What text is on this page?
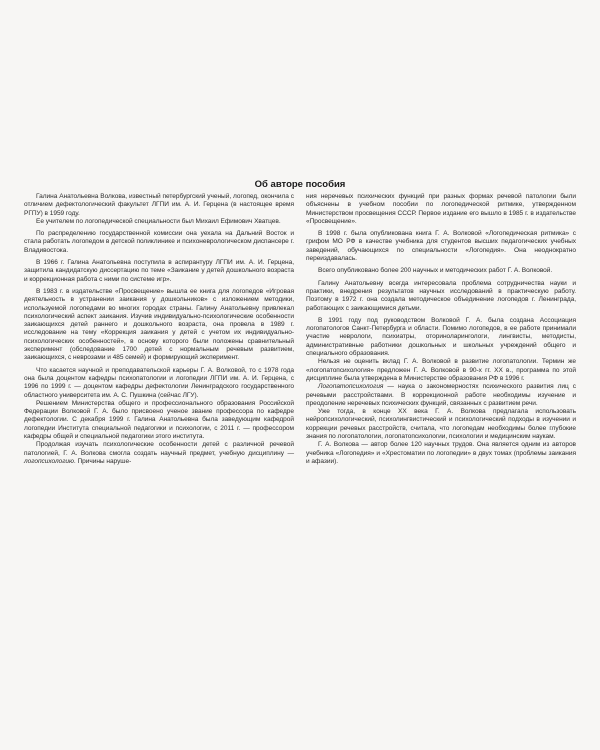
Об авторе пособия

Галина Анатольевна Волкова, известный петербургский ученый, логопед, окончила с отличием дефектологический факультет ЛГПИ им. А. И. Герцена (в настоящее время РГПУ) в 1959 году.

Ее учителем по логопедической специальности был Михаил Ефимович Хватцев.

По распределению государственной комиссии она уехала на Дальний Восток и стала работать логопедом в детской поликлинике и психоневрологическом диспансере г. Владивостока.

В 1966 г. Галина Анатольевна поступила в аспирантуру ЛГПИ им. А. И. Герцена, защитила кандидатскую диссертацию по теме «Заикание у детей дошкольного возраста и коррекционная работа с ними по системе игр».

В 1983 г. в издательстве «Просвещение» вышла ее книга для логопедов «Игровая деятельность в устранении заикания у дошкольников» с изложением методики, используемой логопедами во многих городах страны. Галину Анатольевну привлекал психологический аспект заикания. Изучив индивидуально-психологические особенности заикающихся детей раннего и дошкольного возраста, она провела в 1989 г. исследование на тему «Коррекция заикания у детей с учетом их индивидуально-психологических особенностей», в основу которого были положены сравнительный эксперимент (обследование 1700 детей с нормальным речевым развитием, заикающихся, с неврозами и 485 семей) и формирующий эксперимент.

Что касается научной и преподавательской карьеры Г. А. Волковой, то с 1978 года она была доцентом кафедры психопатологии и логопедии ЛГПИ им. А. И. Герцена, с 1996 по 1999 г. — доцентом кафедры дефектологии Ленинградского государственного областного университета им. А. С. Пушкина (сейчас ЛГУ).

Решением Министерства общего и профессионального образования Российской Федерации Волковой Г. А. было присвоено ученое звание профессора по кафедре дефектологии. С декабря 1999 г. Галина Анатольевна была заведующим кафедрой логопедии Института специальной педагогики и психологии, с 2011 г. — профессором кафедры общей и специальной педагогики этого института.

Продолжая изучать психологические особенности детей с различной речевой патологией, Г. А. Волкова смогла создать научный предмет, учебную дисциплину — логопсихологию. Причины наруше-

ния неречевых психических функций при разных формах речевой патологии были объяснены в учебном пособии по логопедической ритмике, утвержденном Министерством просвещения СССР. Первое издание его вышло в 1985 г. в издательстве «Просвещение».

В 1998 г. была опубликована книга Г. А. Волковой «Логопедическая ритмика» с грифом МО РФ в качестве учебника для студентов высших педагогических учебных заведений, обучающихся по специальности «Логопедия». Она неоднократно переиздавалась.

Всего опубликовано более 200 научных и методических работ Г. А. Волковой.

Галину Анатольевну всегда интересовала проблема сотрудничества науки и практики, внедрения результатов научных исследований в практическую работу. Поэтому в 1972 г. она создала методическое объединение логопедов г. Ленинграда, работающих с заикающимися детьми.

В 1991 году под руководством Волковой Г. А. была создана Ассоциация логопатологов Санкт-Петербурга и области. Помимо логопедов, в ее работе принимали участие неврологи, психиатры, оториноларингологи, лингвисты, методисты, административные работники дошкольных и школьных учреждений общего и специального образования.

Нельзя не оценить вклад Г. А. Волковой в развитие логопатологии. Термин же «логопатопсихология» предложен Г. А. Волковой в 90-х гг. XX в., программа по этой дисциплине была утверждена в Министерстве образования РФ в 1996 г.

Логопатопсихология — наука о закономерностях психического развития лиц с речевыми расстройствами. В коррекционной работе необходимы изучение и преодоление неречевых психических функций, связанных с развитием речи.

Уже тогда, в конце XX века Г. А. Волкова предлагала использовать нейропсихологический, психолингвистический и психологический подходы в изучении и коррекции речевых расстройств, считала, что логопедам необходимы более глубокие знания по логопатологии, логопатопсихологии, психологии и медицинским наукам.

Г. А. Волкова — автор более 120 научных трудов. Она является одним из авторов учебника «Логопедия» и «Хрестоматии по логопедии» в двух томах (проблемы заикания и афазии).
